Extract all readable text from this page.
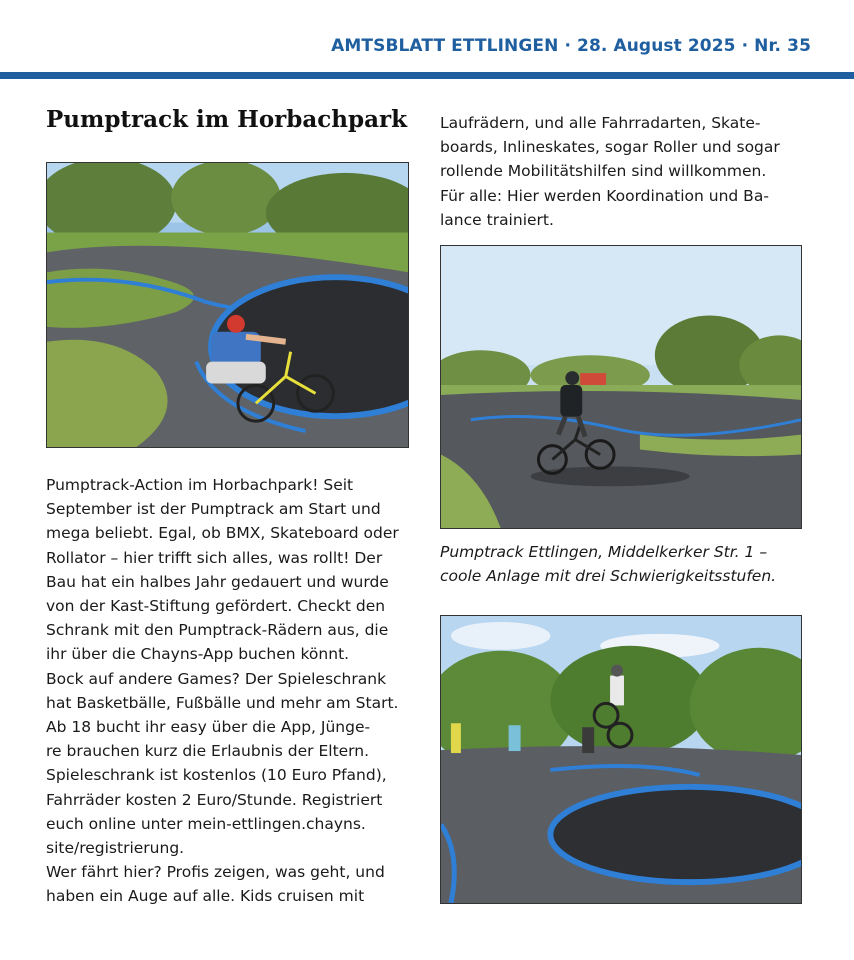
AMTSBLATT ETTLINGEN · 28. August 2025 · Nr. 35
Pumptrack im Horbachpark

Pumptrack-Action im Horbachpark! Seit

September ist der Pumptrack am Start und

mega beliebt. Egal, ob BMX, Skateboard oder

Rollator – hier trifft sich alles, was rollt! Der

Bau hat ein halbes Jahr gedauert und wurde

von der Kast-Stiftung gefördert. Checkt den

Schrank mit den Pumptrack-Rädern aus, die

ihr über die Chayns-App buchen könnt.

Bock auf andere Games? Der Spieleschrank

hat Basketbälle, Fußbälle und mehr am Start.

Ab 18 bucht ihr easy über die App, Jünge-

re brauchen kurz die Erlaubnis der Eltern.

Spieleschrank ist kostenlos (10 Euro Pfand),

Fahrräder kosten 2 Euro/Stunde. Registriert

euch online unter mein-ettlingen.chayns.

site/registrierung.

Wer fährt hier? Profis zeigen, was geht, und

haben ein Auge auf alle. Kids cruisen mit

Laufrädern, und alle Fahrradarten, Skate-

boards, Inlineskates, sogar Roller und sogar

rollende Mobilitätshilfen sind willkommen.

Für alle: Hier werden Koordination und Ba-

lance trainiert.

Pumptrack Ettlingen, Middelkerker Str. 1 –
coole Anlage mit drei Schwierigkeitsstufen.
